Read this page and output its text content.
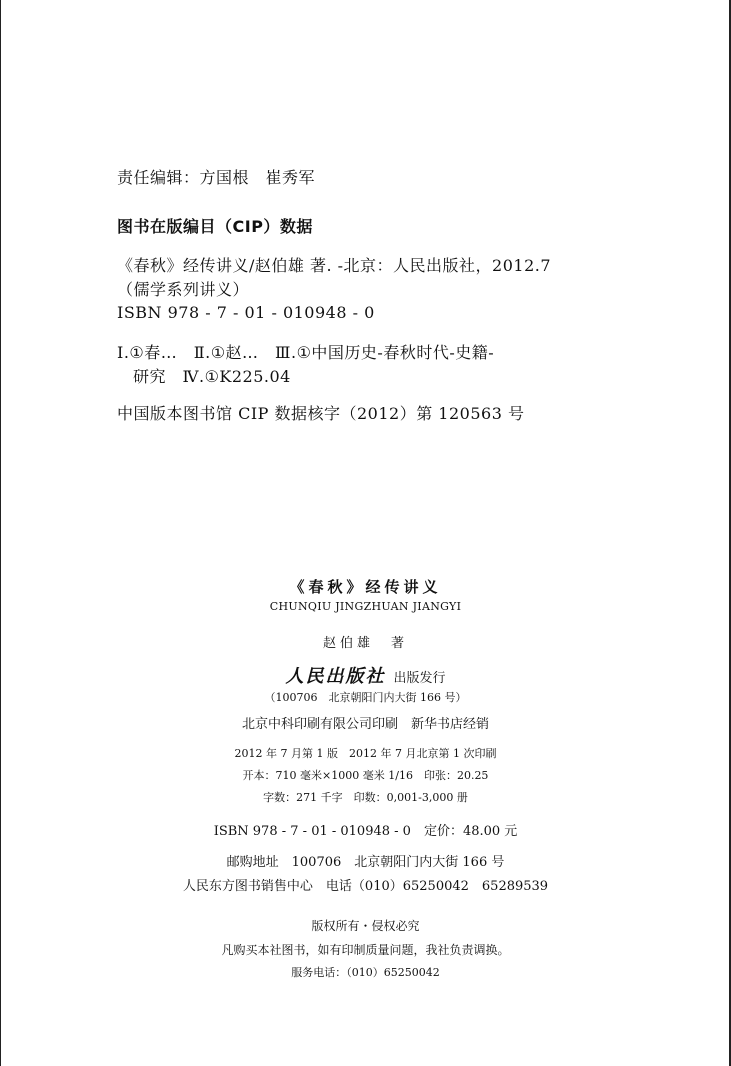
责任编辑：方国根　崔秀军
图书在版编目（CIP）数据
《春秋》经传讲义/赵伯雄 著. -北京：人民出版社，2012.7
（儒学系列讲义）
ISBN 978 - 7 - 01 - 010948 - 0
Ⅰ.①春…　Ⅱ.①赵…　Ⅲ.①中国历史-春秋时代-史籍-
研究　Ⅳ.①K225.04
中国版本图书馆 CIP 数据核字（2012）第 120563 号
《春秋》经传讲义
CHUNQIU JINGZHUAN JIANGYI
赵伯雄　著
人民出版社 出版发行
（100706　北京朝阳门内大街 166 号）
北京中科印刷有限公司印刷　新华书店经销
2012 年 7 月第 1 版　2012 年 7 月北京第 1 次印刷
开本：710 毫米×1000 毫米 1/16　印张：20.25
字数：271 千字　印数：0,001-3,000 册
ISBN 978 - 7 - 01 - 010948 - 0　定价：48.00 元
邮购地址　100706　北京朝阳门内大街 166 号
人民东方图书销售中心　电话（010）65250042　65289539
版权所有・侵权必究
凡购买本社图书，如有印制质量问题，我社负责调换。
服务电话：（010）65250042
